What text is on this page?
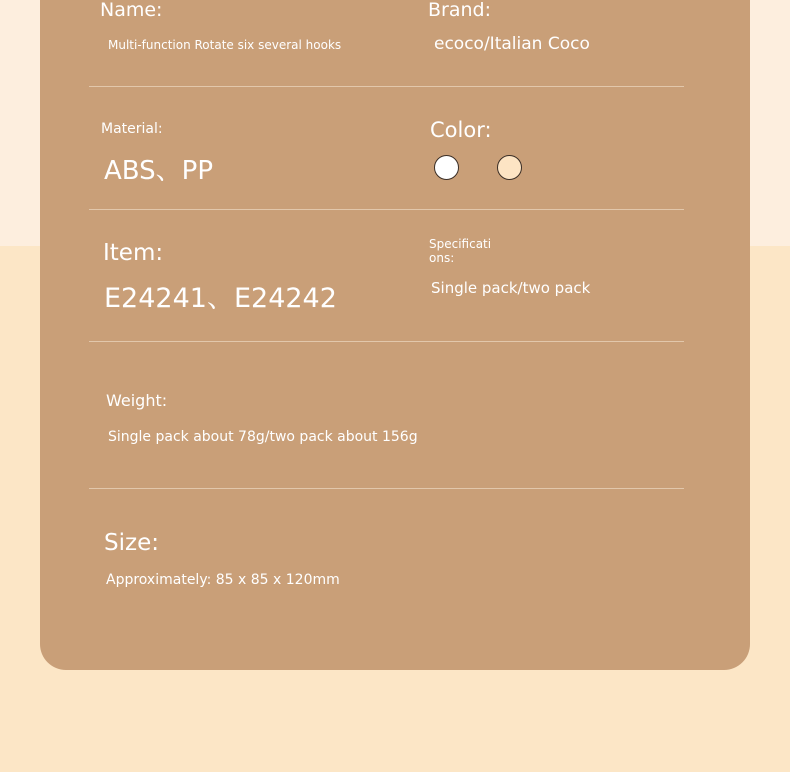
Name:
Multi-function Rotate six several hooks
Brand:
ecoco/Italian Coco
Material:
ABS、PP
Color:
Item:
E24241、E24242
Specificati
ons:
Single pack/two pack
Weight:
Single pack about 78g/two pack about 156g
Size:
Approximately: 85 x 85 x 120mm
